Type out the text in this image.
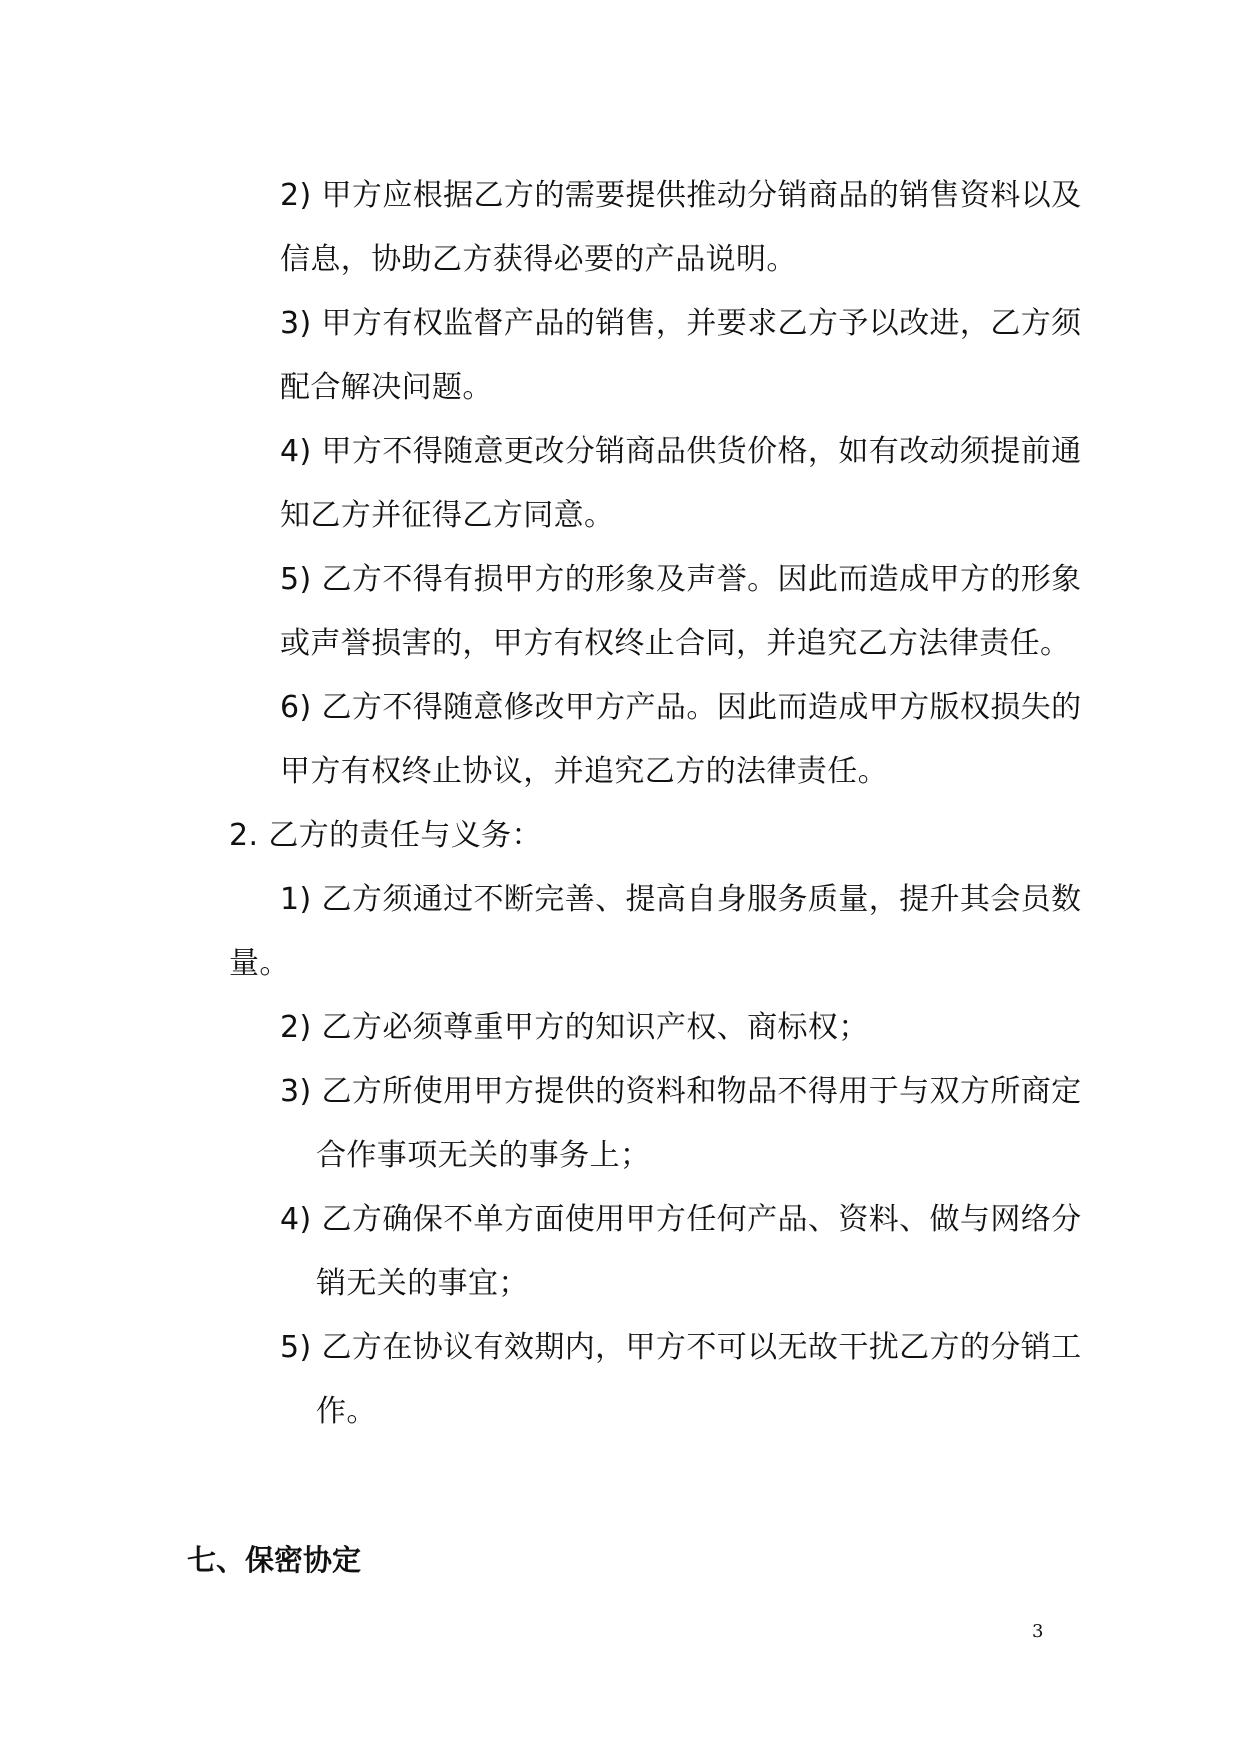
2) 甲方应根据乙方的需要提供推动分销商品的销售资料以及
信息，协助乙方获得必要的产品说明。
3) 甲方有权监督产品的销售，并要求乙方予以改进，乙方须
配合解决问题。
4) 甲方不得随意更改分销商品供货价格，如有改动须提前通
知乙方并征得乙方同意。
5) 乙方不得有损甲方的形象及声誉。因此而造成甲方的形象
或声誉损害的，甲方有权终止合同，并追究乙方法律责任。
6) 乙方不得随意修改甲方产品。因此而造成甲方版权损失的
甲方有权终止协议，并追究乙方的法律责任。
2. 乙方的责任与义务：
1) 乙方须通过不断完善、提高自身服务质量，提升其会员数
量。
2) 乙方必须尊重甲方的知识产权、商标权；
3) 乙方所使用甲方提供的资料和物品不得用于与双方所商定
合作事项无关的事务上；
4) 乙方确保不单方面使用甲方任何产品、资料、做与网络分
销无关的事宜；
5) 乙方在协议有效期内，甲方不可以无故干扰乙方的分销工
作。
七、保密协定
3
